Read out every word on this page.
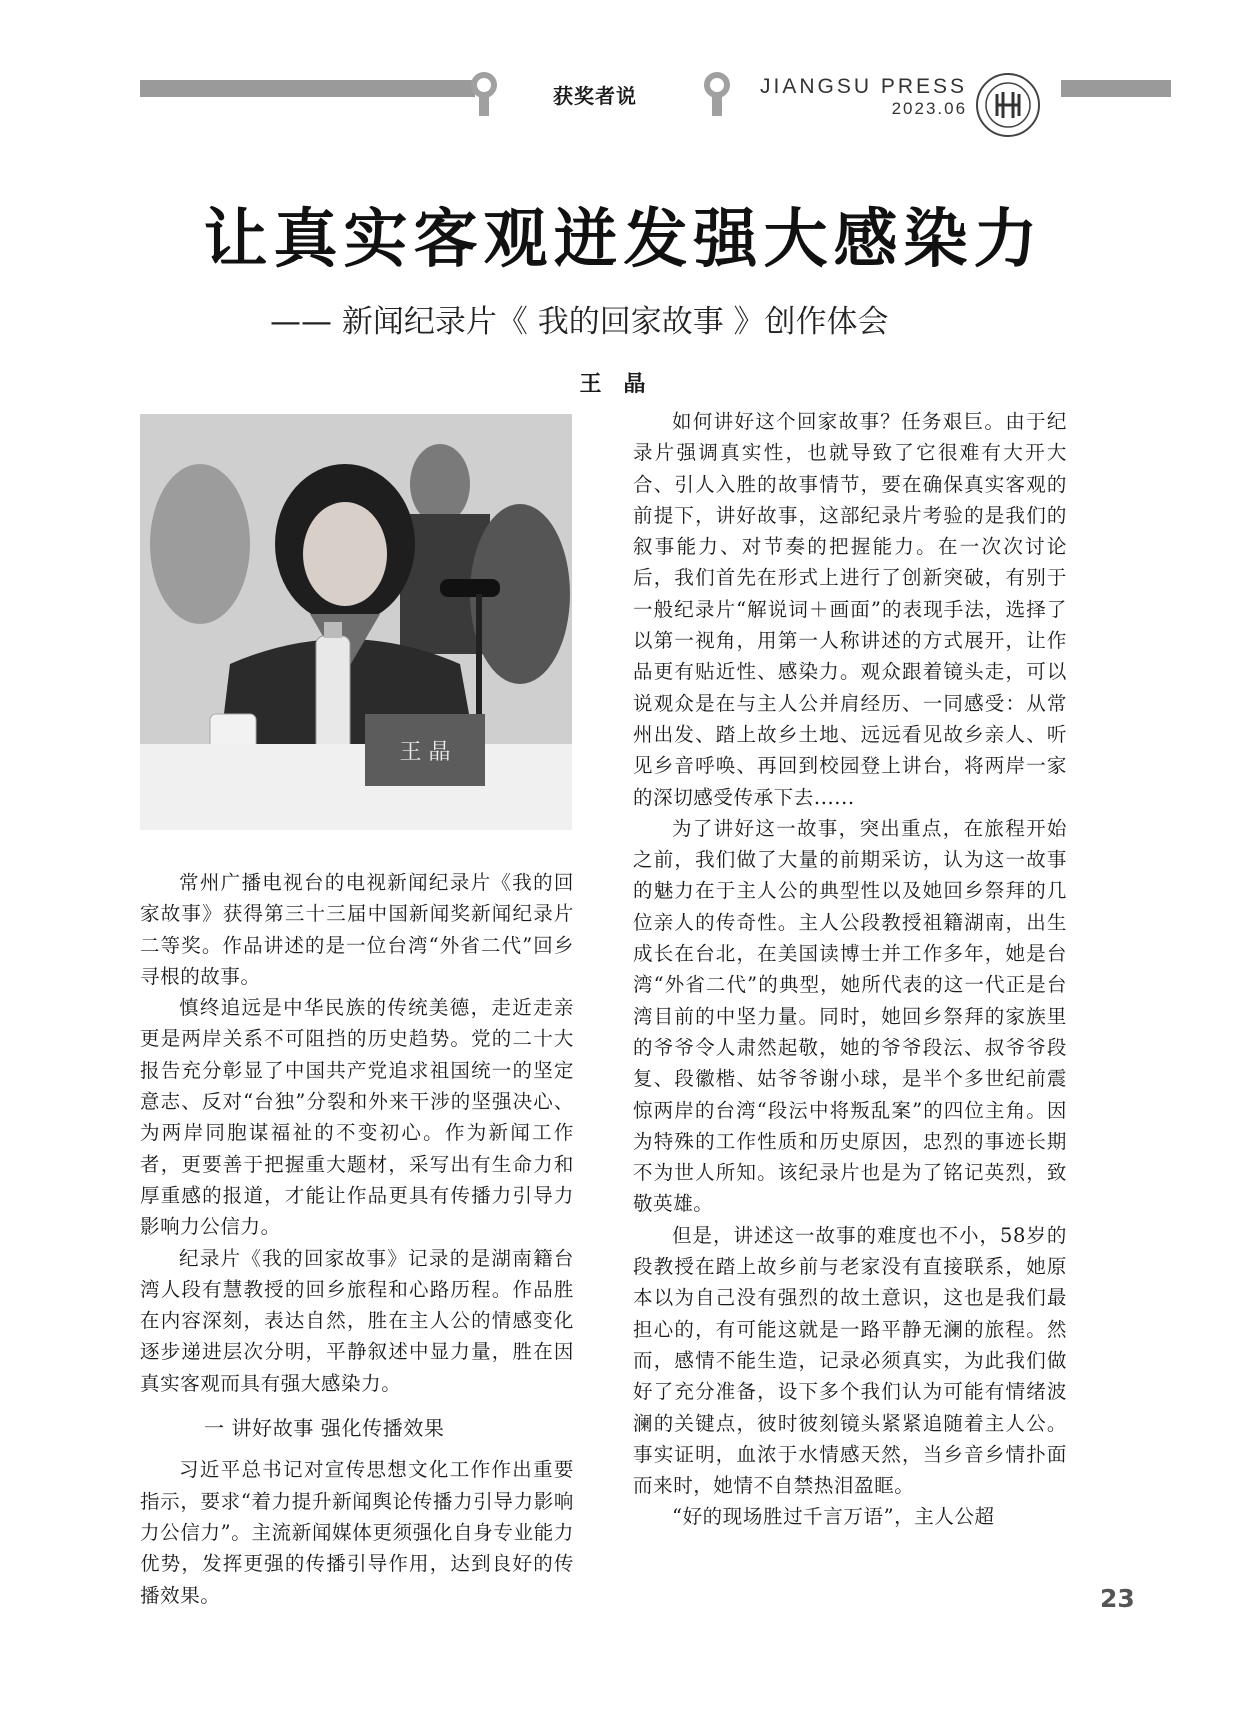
获奖者说	JIANGSU PRESS
2023.06
让真实客观迸发强大感染力
—— 新闻纪录片《 我的回家故事 》创作体会
王晶
王 晶

常州广播电视台的电视新闻纪录片《我的回家故事》获得第三十三届中国新闻奖新闻纪录片二等奖。作品讲述的是一位台湾“外省二代”回乡寻根的故事。

慎终追远是中华民族的传统美德，走近走亲更是两岸关系不可阻挡的历史趋势。党的二十大报告充分彰显了中国共产党追求祖国统一的坚定意志、反对“台独”分裂和外来干涉的坚强决心、为两岸同胞谋福祉的不变初心。作为新闻工作者，更要善于把握重大题材，采写出有生命力和厚重感的报道，才能让作品更具有传播力引导力影响力公信力。

纪录片《我的回家故事》记录的是湖南籍台湾人段有慧教授的回乡旅程和心路历程。作品胜在内容深刻，表达自然，胜在主人公的情感变化逐步递进层次分明，平静叙述中显力量，胜在因真实客观而具有强大感染力。

一 讲好故事 强化传播效果

习近平总书记对宣传思想文化工作作出重要指示，要求“着力提升新闻舆论传播力引导力影响力公信力”。主流新闻媒体更须强化自身专业能力优势，发挥更强的传播引导作用，达到良好的传播效果。

如何讲好这个回家故事？任务艰巨。由于纪录片强调真实性，也就导致了它很难有大开大合、引人入胜的故事情节，要在确保真实客观的前提下，讲好故事，这部纪录片考验的是我们的叙事能力、对节奏的把握能力。在一次次讨论后，我们首先在形式上进行了创新突破，有别于一般纪录片“解说词＋画面”的表现手法，选择了以第一视角，用第一人称讲述的方式展开，让作品更有贴近性、感染力。观众跟着镜头走，可以说观众是在与主人公并肩经历、一同感受：从常州出发、踏上故乡土地、远远看见故乡亲人、听见乡音呼唤、再回到校园登上讲台，将两岸一家的深切感受传承下去......

为了讲好这一故事，突出重点，在旅程开始之前，我们做了大量的前期采访，认为这一故事的魅力在于主人公的典型性以及她回乡祭拜的几位亲人的传奇性。主人公段教授祖籍湖南，出生成长在台北，在美国读博士并工作多年，她是台湾“外省二代”的典型，她所代表的这一代正是台湾目前的中坚力量。同时，她回乡祭拜的家族里的爷爷令人肃然起敬，她的爷爷段沄、叔爷爷段复、段徽楷、姑爷爷谢小球，是半个多世纪前震惊两岸的台湾“段沄中将叛乱案”的四位主角。因为特殊的工作性质和历史原因，忠烈的事迹长期不为世人所知。该纪录片也是为了铭记英烈，致敬英雄。

但是，讲述这一故事的难度也不小，58岁的段教授在踏上故乡前与老家没有直接联系，她原本以为自己没有强烈的故土意识，这也是我们最担心的，有可能这就是一路平静无澜的旅程。然而，感情不能生造，记录必须真实，为此我们做好了充分准备，设下多个我们认为可能有情绪波澜的关键点，彼时彼刻镜头紧紧追随着主人公。事实证明，血浓于水情感天然，当乡音乡情扑面而来时，她情不自禁热泪盈眶。

“好的现场胜过千言万语”，主人公超

23
